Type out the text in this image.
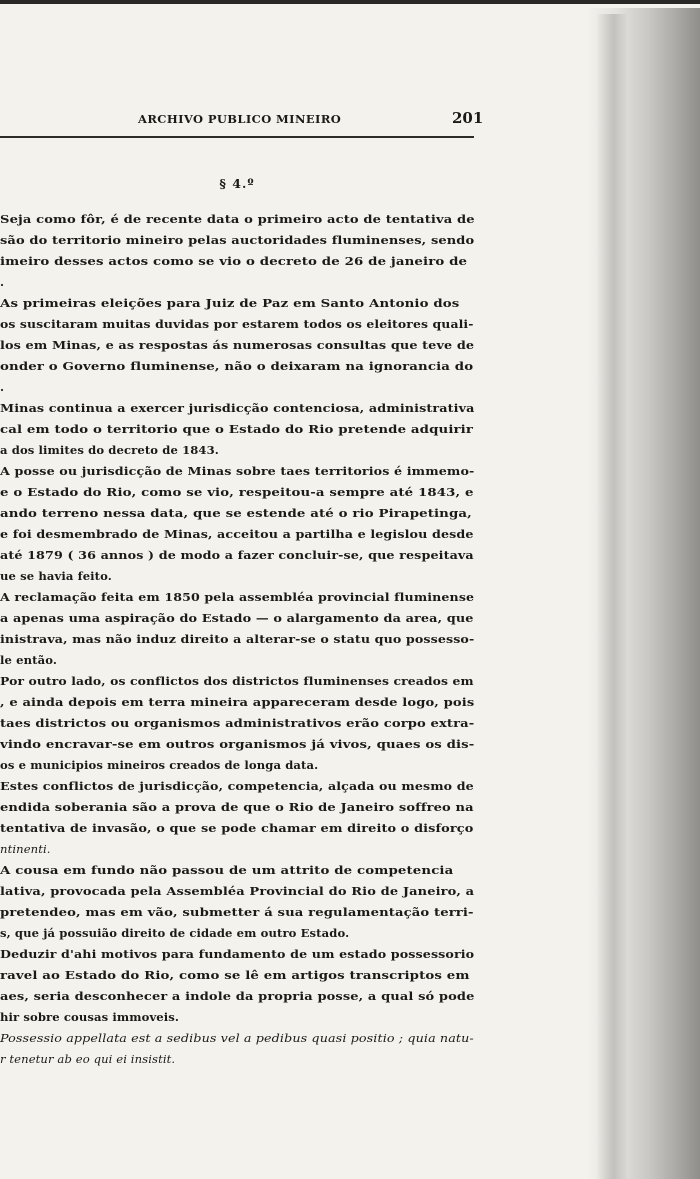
ARCHIVO PUBLICO MINEIRO	201
§ 4.º
Seja como fôr, é de recente data o primeiro acto de tentativa de
são do territorio mineiro pelas auctoridades fluminenses, sendo
imeiro desses actos como se vio o decreto de 26 de janeiro de
.
As primeiras eleições para Juiz de Paz em Santo Antonio dos
os suscitaram muitas duvidas por estarem todos os eleitores quali-
los em Minas, e as respostas ás numerosas consultas que teve de
onder o Governo fluminense, não o deixaram na ignorancia do
.
Minas continua a exercer jurisdicção contenciosa, administrativa
cal em todo o territorio que o Estado do Rio pretende adquirir
a dos limites do decreto de 1843.
A posse ou jurisdicção de Minas sobre taes territorios é immemo-
e o Estado do Rio, como se vio, respeitou-a sempre até 1843, e
ando terreno nessa data, que se estende até o rio Pirapetinga,
e foi desmembrado de Minas, acceitou a partilha e legislou desde
até 1879 ( 36 annos ) de modo a fazer concluir-se, que respeitava
ue se havia feito.
A reclamação feita em 1850 pela assembléa provincial fluminense
a apenas uma aspiração do Estado — o alargamento da area, que
inistrava, mas não induz direito a alterar-se o statu quo possesso-
le então.
Por outro lado, os conflictos dos districtos fluminenses creados em
, e ainda depois em terra mineira appareceram desde logo, pois
taes districtos ou organismos administrativos erão corpo extra-
vindo encravar-se em outros organismos já vivos, quaes os dis-
os e municipios mineiros creados de longa data.
Estes conflictos de jurisdicção, competencia, alçada ou mesmo de
endida soberania são a prova de que o Rio de Janeiro soffreo na
tentativa de invasão, o que se pode chamar em direito o disforço
ntinenti.
A cousa em fundo não passou de um attrito de competencia
lativa, provocada pela Assembléa Provincial do Rio de Janeiro, a
pretendeo, mas em vão, submetter á sua regulamentação terri-
s, que já possuião direito de cidade em outro Estado.
Deduzir d'ahi motivos para fundamento de um estado possessorio
ravel ao Estado do Rio, como se lê em artigos transcriptos em
aes, seria desconhecer a indole da propria posse, a qual só pode
hir sobre cousas immoveis.
Possessio appellata est a sedibus vel a pedibus quasi positio ; quia natu-
r tenetur ab eo qui ei insistit.
